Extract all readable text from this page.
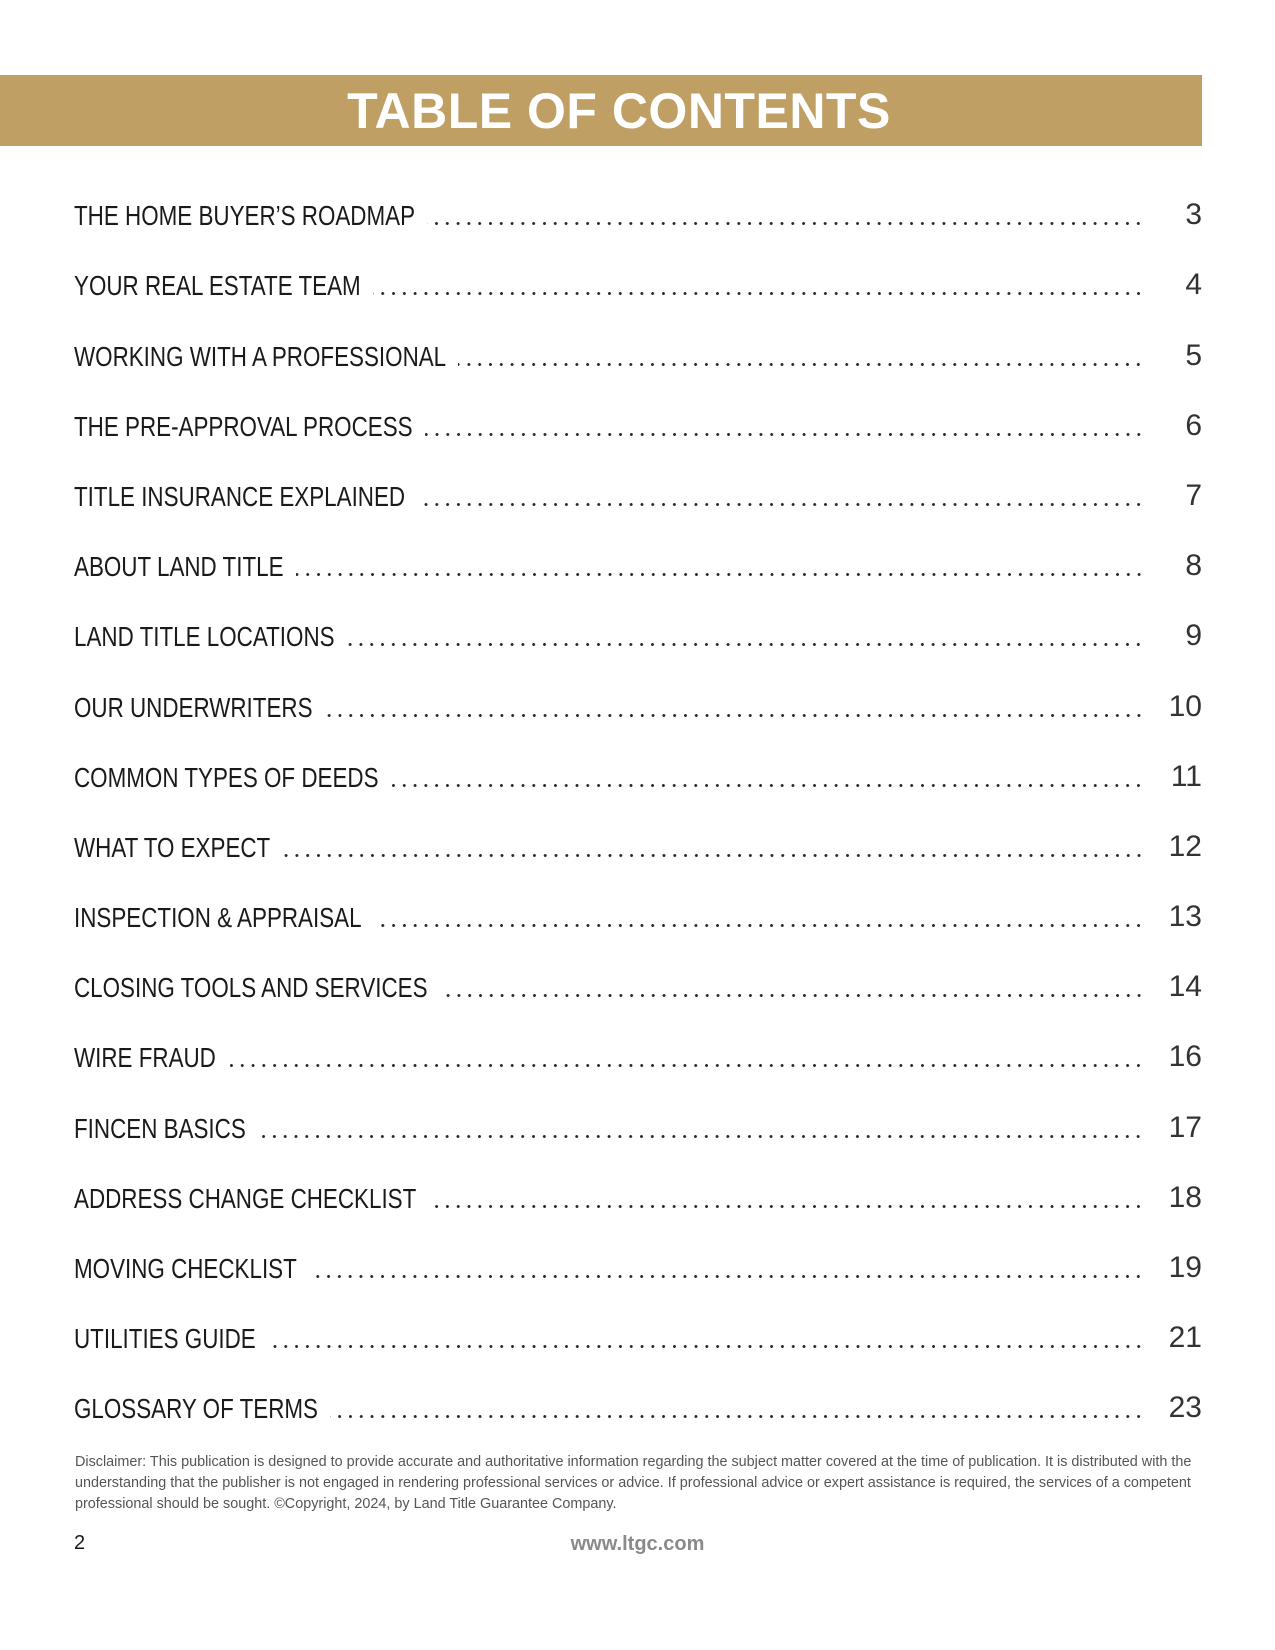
TABLE OF CONTENTS
THE HOME BUYER’S ROADMAP	3
YOUR REAL ESTATE TEAM	4
WORKING WITH A PROFESSIONAL	5
THE PRE-APPROVAL PROCESS	6
TITLE INSURANCE EXPLAINED	7
ABOUT LAND TITLE	8
LAND TITLE LOCATIONS	9
OUR UNDERWRITERS	10
COMMON TYPES OF DEEDS	11
WHAT TO EXPECT	12
INSPECTION & APPRAISAL	13
CLOSING TOOLS AND SERVICES	14
WIRE FRAUD	16
FINCEN BASICS	17
ADDRESS CHANGE CHECKLIST	18
MOVING CHECKLIST	19
UTILITIES GUIDE	21
GLOSSARY OF TERMS	23

Disclaimer: This publication is designed to provide accurate and authoritative information regarding the subject matter covered at the time of publication. It is distributed with the understanding that the publisher is not engaged in rendering professional services or advice. If professional advice or expert assistance is required, the services of a competent professional should be sought. ©Copyright, 2024, by Land Title Guarantee Company.

2	www.ltgc.com
